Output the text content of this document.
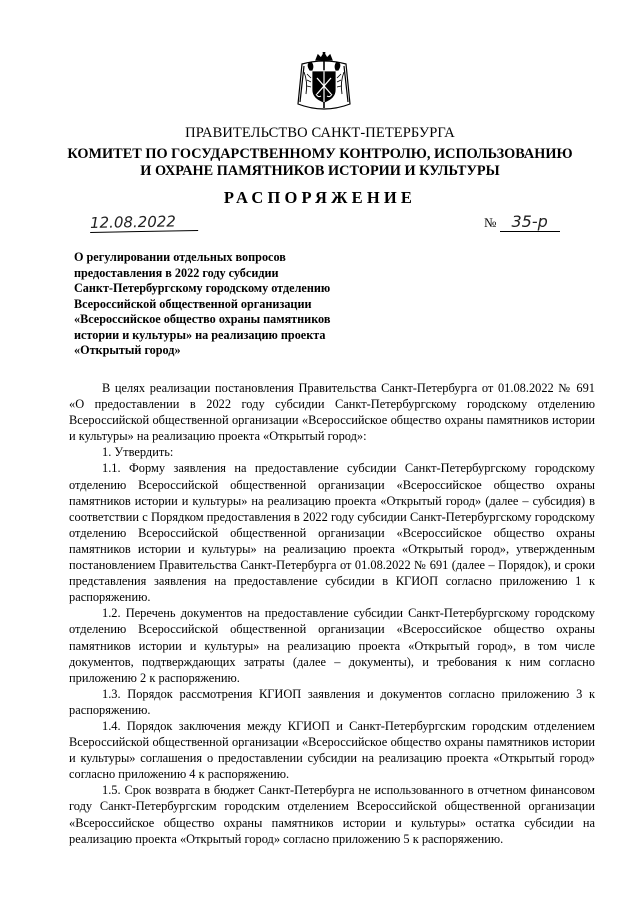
ПРАВИТЕЛЬСТВО САНКТ-ПЕТЕРБУРГА
КОМИТЕТ ПО ГОСУДАРСТВЕННОМУ КОНТРОЛЮ, ИСПОЛЬЗОВАНИЮ
И ОХРАНЕ ПАМЯТНИКОВ ИСТОРИИ И КУЛЬТУРЫ
РАСПОРЯЖЕНИЕ
12.08.2022	№ 35-р
О регулировании отдельных вопросов
предоставления в 2022 году субсидии
Санкт-Петербургскому городскому отделению
Всероссийской общественной организации
«Всероссийское общество охраны памятников
истории и культуры» на реализацию проекта
«Открытый город»

В целях реализации постановления Правительства Санкт-Петербурга от 01.08.2022 № 691 «О предоставлении в 2022 году субсидии Санкт-Петербургскому городскому отделению Всероссийской общественной организации «Всероссийское общество охраны памятников истории и культуры» на реализацию проекта «Открытый город»:

1. Утвердить:

1.1. Форму заявления на предоставление субсидии Санкт-Петербургскому городскому отделению Всероссийской общественной организации «Всероссийское общество охраны памятников истории и культуры» на реализацию проекта «Открытый город» (далее – субсидия) в соответствии с Порядком предоставления в 2022 году субсидии Санкт-Петербургскому городскому отделению Всероссийской общественной организации «Всероссийское общество охраны памятников истории и культуры» на реализацию проекта «Открытый город», утвержденным постановлением Правительства Санкт-Петербурга от 01.08.2022 № 691 (далее – Порядок), и сроки представления заявления на предоставление субсидии в КГИОП согласно приложению 1 к распоряжению.

1.2. Перечень документов на предоставление субсидии Санкт-Петербургскому городскому отделению Всероссийской общественной организации «Всероссийское общество охраны памятников истории и культуры» на реализацию проекта «Открытый город», в том числе документов, подтверждающих затраты (далее – документы), и требования к ним согласно приложению 2 к распоряжению.

1.3. Порядок рассмотрения КГИОП заявления и документов согласно приложению 3 к распоряжению.

1.4. Порядок заключения между КГИОП и Санкт-Петербургским городским отделением Всероссийской общественной организации «Всероссийское общество охраны памятников истории и культуры» соглашения о предоставлении субсидии на реализацию проекта «Открытый город» согласно приложению 4 к распоряжению.

1.5. Срок возврата в бюджет Санкт-Петербурга не использованного в отчетном финансовом году Санкт-Петербургским городским отделением Всероссийской общественной организации «Всероссийское общество охраны памятников истории и культуры» остатка субсидии на реализацию проекта «Открытый город» согласно приложению 5 к распоряжению.
